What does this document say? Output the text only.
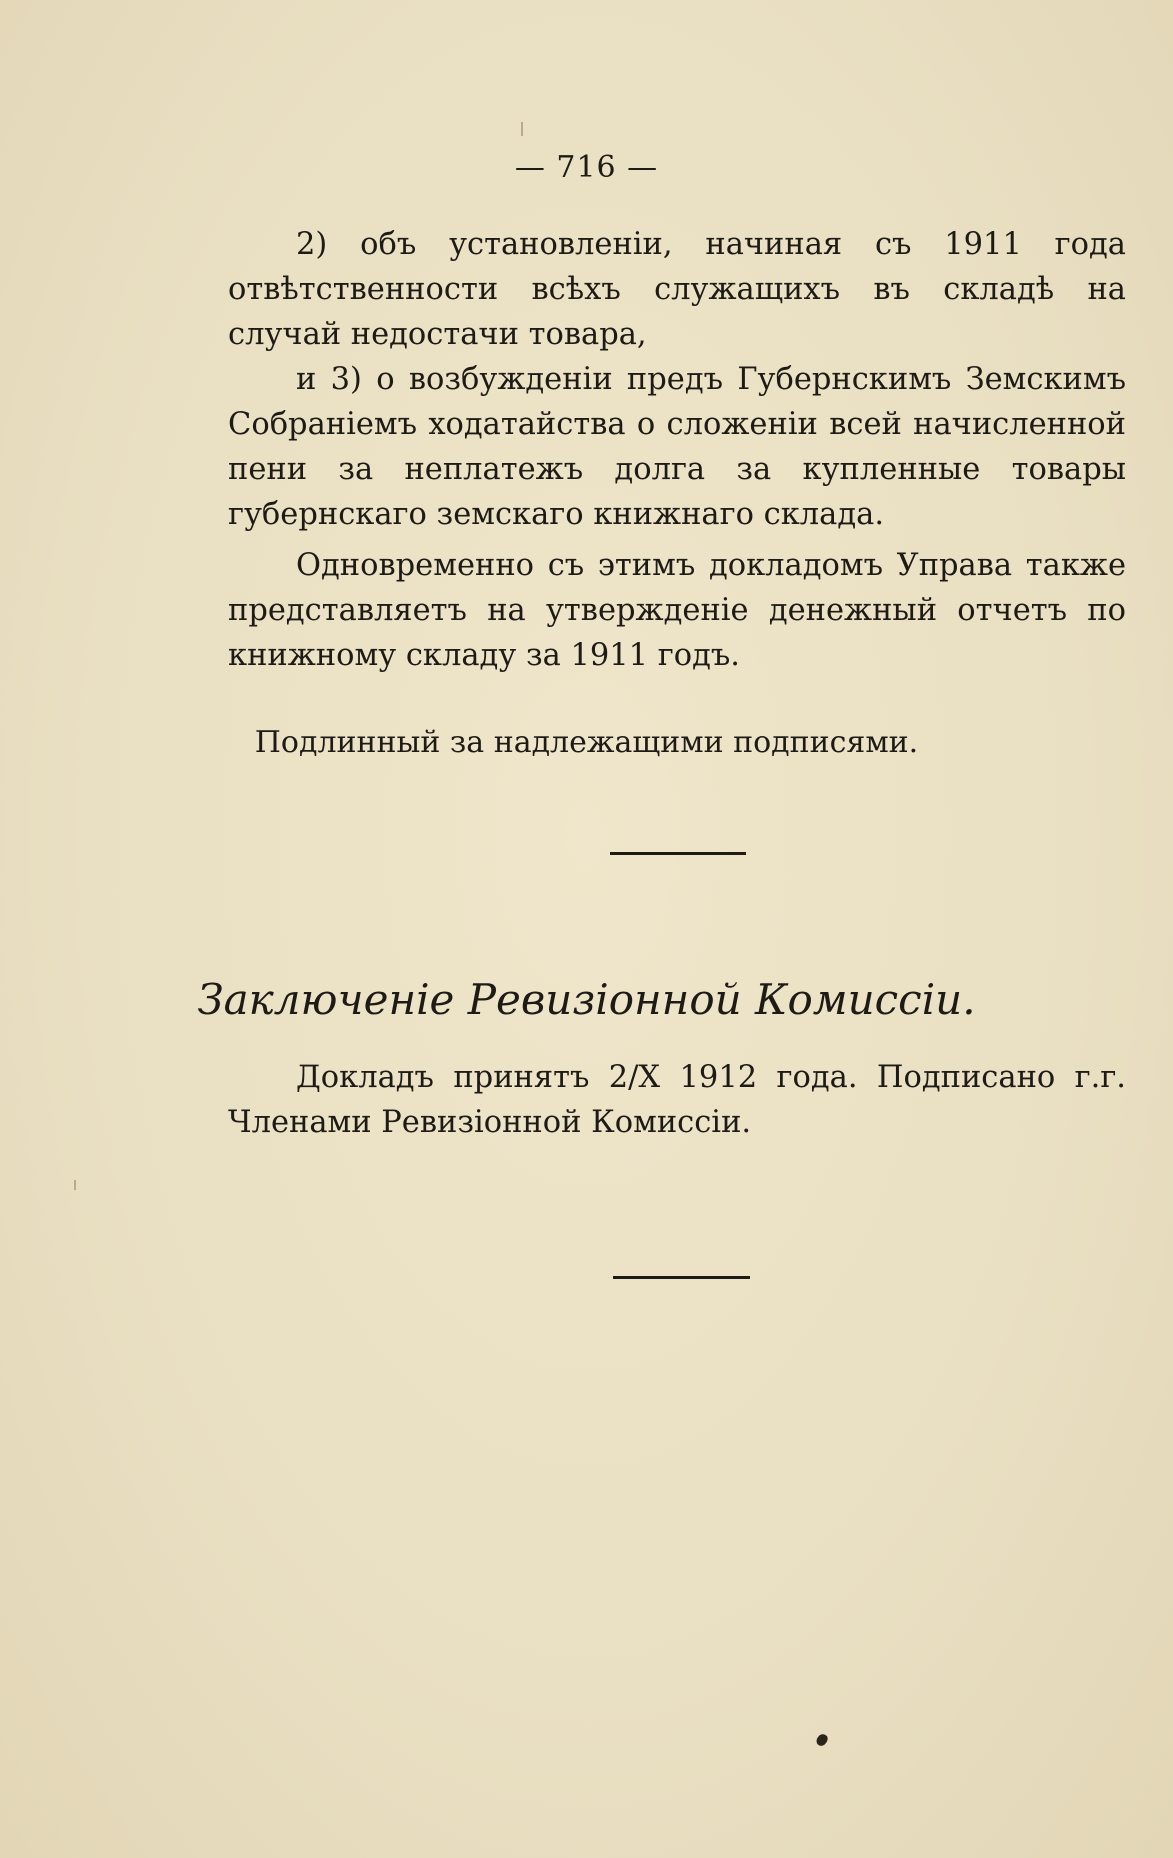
— 716 —

2) объ установленіи, начиная съ 1911 года отвѣтственности всѣхъ служащихъ въ складѣ на случай недостачи товара,

и 3) о возбужденіи предъ Губернскимъ Земскимъ Собраніемъ ходатайства о сложеніи всей начисленной пени за неплатежъ долга за купленные товары губернскаго земскаго книжнаго склада.

Одновременно съ этимъ докладомъ Управа также представляетъ на утвержденіе денежный отчетъ по книжному складу за 1911 годъ.

Подлинный за надлежащими подписями.

Заключеніе Ревизіонной Комиссіи.

Докладъ принятъ 2/X 1912 года. Подписано г.г. Членами Ревизіонной Комиссіи.
